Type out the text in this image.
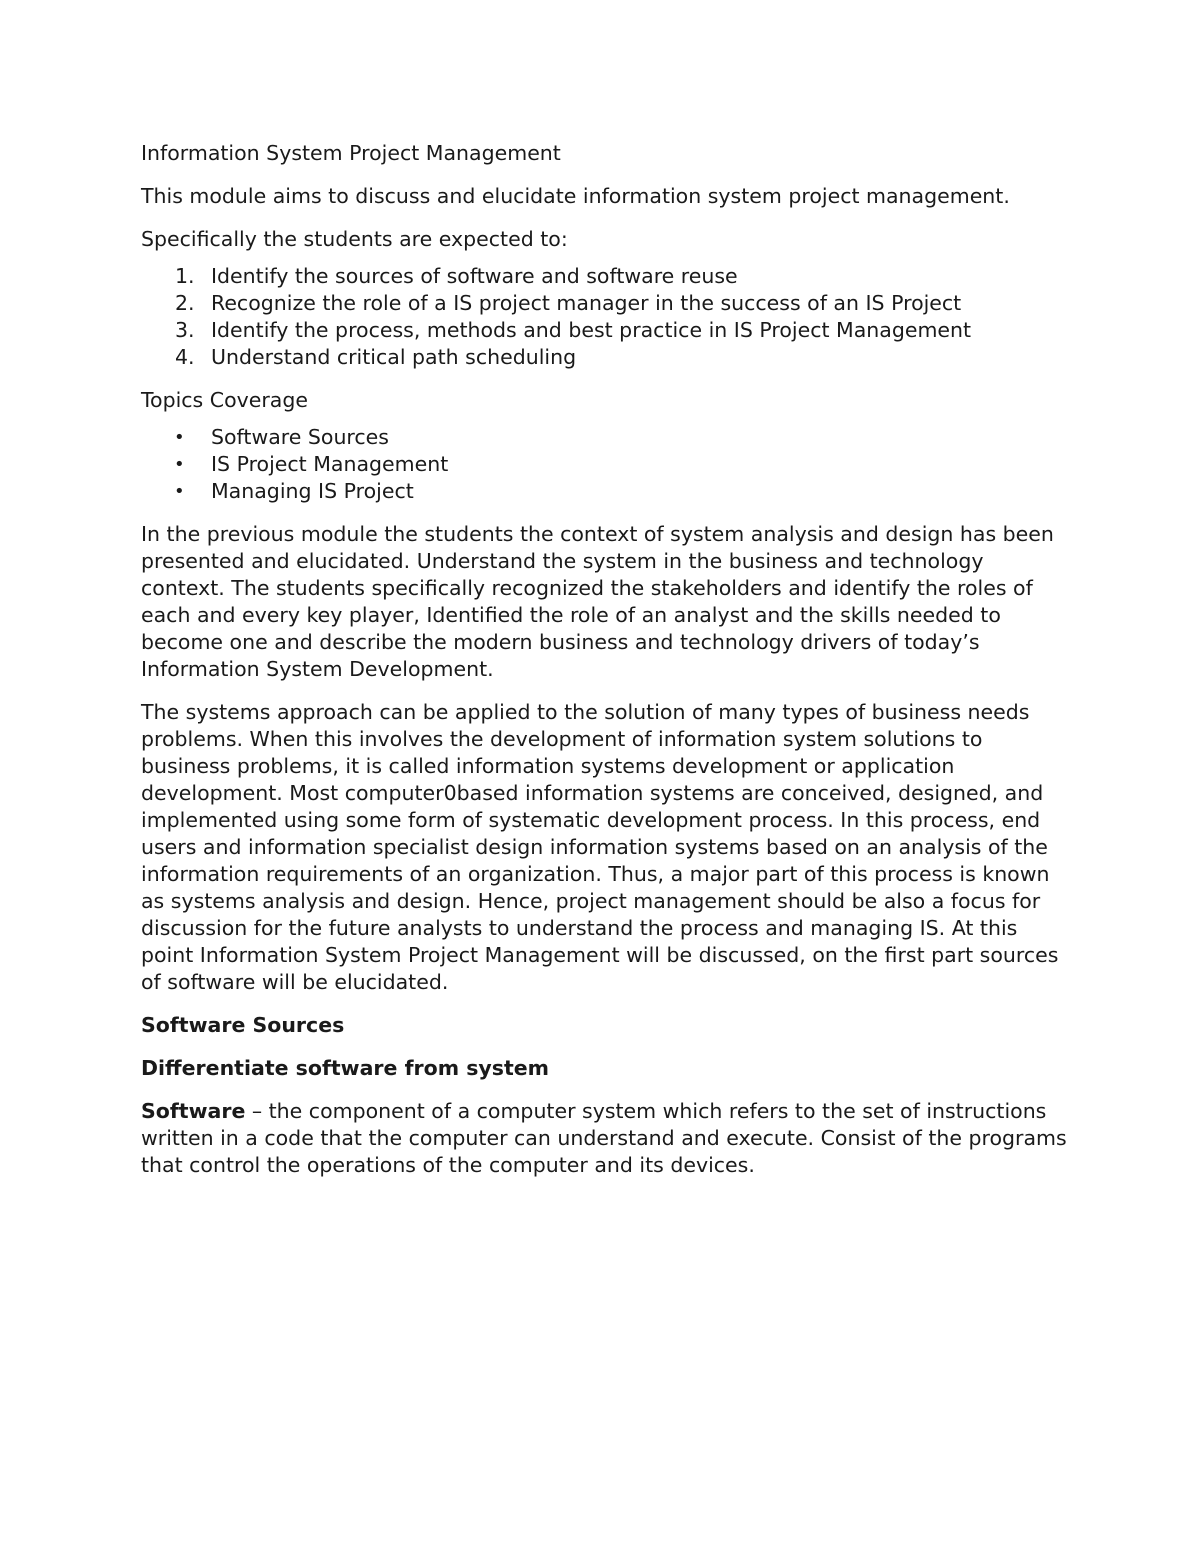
Information System Project Management

This module aims to discuss and elucidate information system project management.

Specifically the students are expected to:

1. Identify the sources of software and software reuse
2. Recognize the role of a IS project manager in the success of an IS Project
3. Identify the process, methods and best practice in IS Project Management
4. Understand critical path scheduling

Topics Coverage

• Software Sources
• IS Project Management
• Managing IS Project

In the previous module the students the context of system analysis and design has been presented and elucidated. Understand the system in the business and technology context. The students specifically recognized the stakeholders and identify the roles of each and every key player, Identified the role of an analyst and the skills needed to become one and describe the modern business and technology drivers of today’s Information System Development.

The systems approach can be applied to the solution of many types of business needs problems. When this involves the development of information system solutions to business problems, it is called information systems development or application development. Most computer0based information systems are conceived, designed, and implemented using some form of systematic development process. In this process, end users and information specialist design information systems based on an analysis of the information requirements of an organization. Thus, a major part of this process is known as systems analysis and design. Hence, project management should be also a focus for discussion for the future analysts to understand the process and managing IS. At this point Information System Project Management will be discussed, on the first part sources of software will be elucidated.

Software Sources

Differentiate software from system

Software – the component of a computer system which refers to the set of instructions written in a code that the computer can understand and execute. Consist of the programs that control the operations of the computer and its devices.
